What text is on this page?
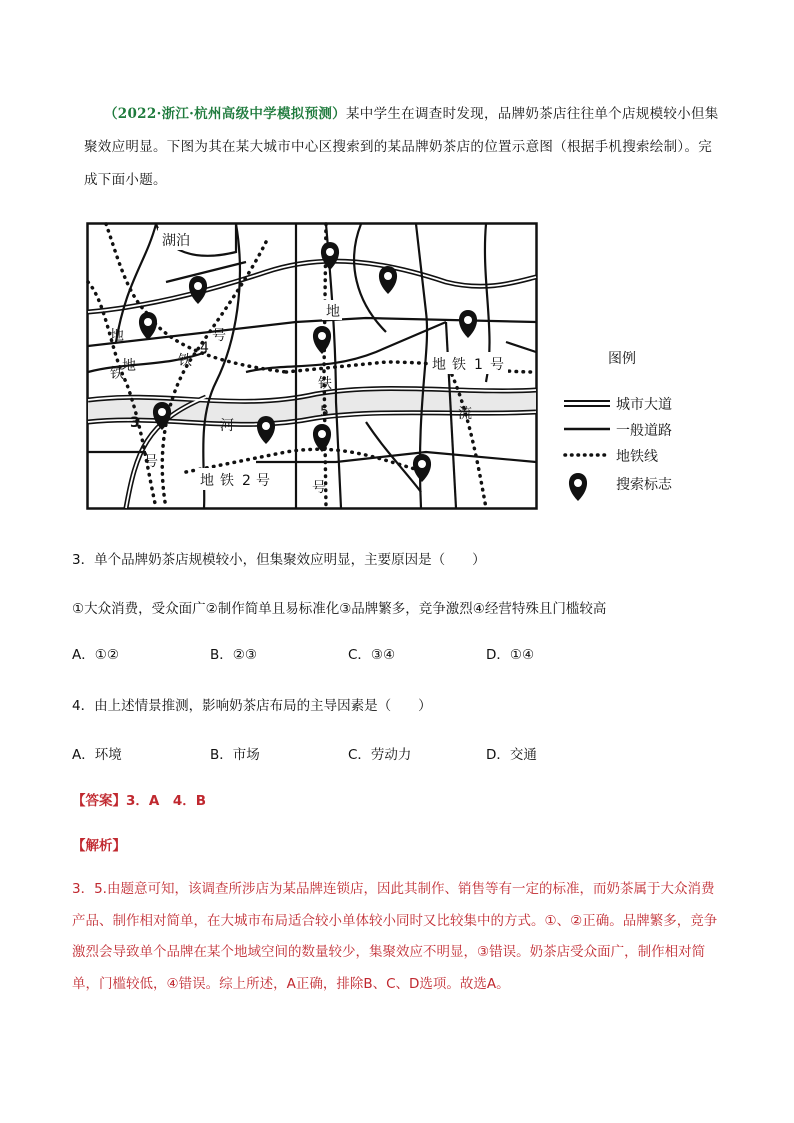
（2022·浙江·杭州高级中学模拟预测）某中学生在调查时发现，品牌奶茶店往往单个店规模较小但集聚效应明显。下图为其在某大城市中心区搜索到的某品牌奶茶店的位置示意图（根据手机搜索绘制）。完成下面小题。
湖泊
河
流
地 铁 1 号
地 铁 2 号
地
3
号
地
铁
4
号
铁
地
铁
5
号
图例
城市大道
一般道路
地铁线
搜索标志
3．单个品牌奶茶店规模较小，但集聚效应明显，主要原因是（　　）
①大众消费，受众面广②制作简单且易标准化③品牌繁多，竞争激烈④经营特殊且门槛较高
A．①②	B．②③	C．③④	D．①④
4．由上述情景推测，影响奶茶店布局的主导因素是（　　）
A．环境	B．市场	C．劳动力	D．交通
【答案】3．A　4．B
【解析】
3．5.由题意可知，该调查所涉店为某品牌连锁店，因此其制作、销售等有一定的标准，而奶茶属于大众消费产品、制作相对简单，在大城市布局适合较小单体较小同时又比较集中的方式。①、②正确。品牌繁多，竞争激烈会导致单个品牌在某个地域空间的数量较少，集聚效应不明显，③错误。奶茶店受众面广，制作相对简单，门槛较低，④错误。综上所述，A正确，排除B、C、D选项。故选A。
